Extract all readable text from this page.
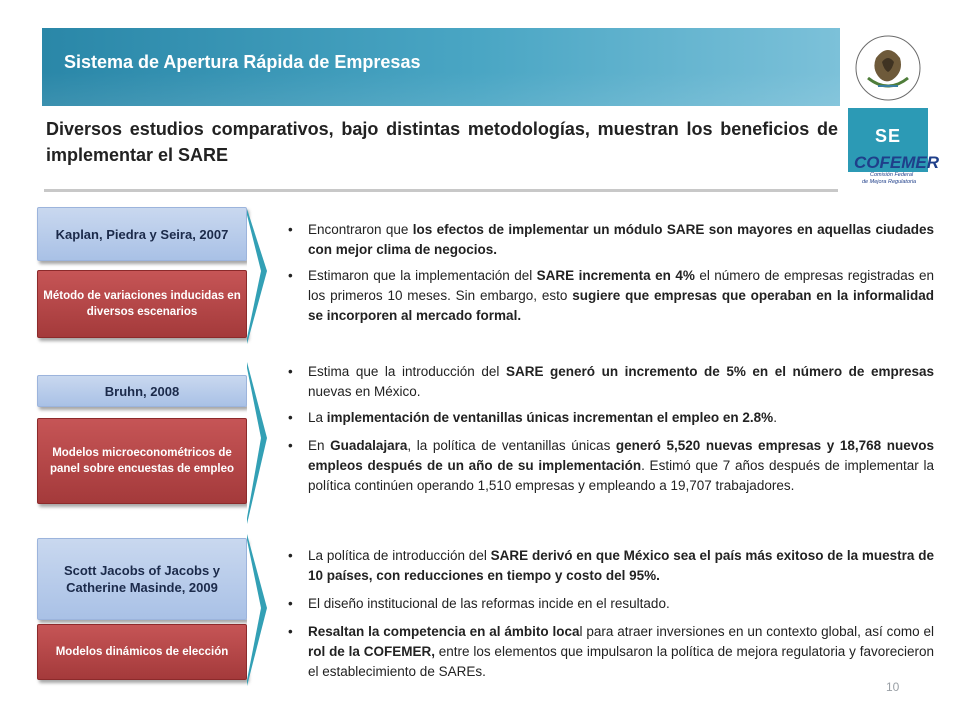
Sistema de Apertura Rápida de Empresas
SE
COFEMER
Comisión Federal
de Mejora Regulatoria
Diversos estudios comparativos, bajo distintas metodologías, muestran los beneficios de implementar el SARE
Kaplan, Piedra y Seira, 2007
Método de variaciones inducidas en diversos escenarios
• Encontraron que los efectos de implementar un módulo SARE son mayores en aquellas ciudades con mejor clima de negocios.
• Estimaron que la implementación del SARE incrementa en 4% el número de empresas registradas en los primeros 10 meses. Sin embargo, esto sugiere que empresas que operaban en la informalidad se incorporen al mercado formal.
Bruhn, 2008
Modelos microeconométricos de panel sobre encuestas de empleo
• Estima que la introducción del SARE generó un incremento de 5% en el número de empresas nuevas en México.
• La implementación de ventanillas únicas incrementan el empleo en 2.8%.
• En Guadalajara, la política de ventanillas únicas generó 5,520 nuevas empresas y 18,768 nuevos empleos después de un año de su implementación. Estimó que 7 años después de implementar la política continúen operando 1,510 empresas y empleando a 19,707 trabajadores.
Scott Jacobs of Jacobs y Catherine Masinde, 2009
Modelos dinámicos de elección
• La política de introducción del SARE derivó en que México sea el país más exitoso de la muestra de 10 países, con reducciones en tiempo y costo del 95%.
• El diseño institucional de las reformas incide en el resultado.
• Resaltan la competencia en al ámbito local para atraer inversiones en un contexto global, así como el rol de la COFEMER, entre los elementos que impulsaron la política de mejora regulatoria y favorecieron el establecimiento de SAREs.
10
